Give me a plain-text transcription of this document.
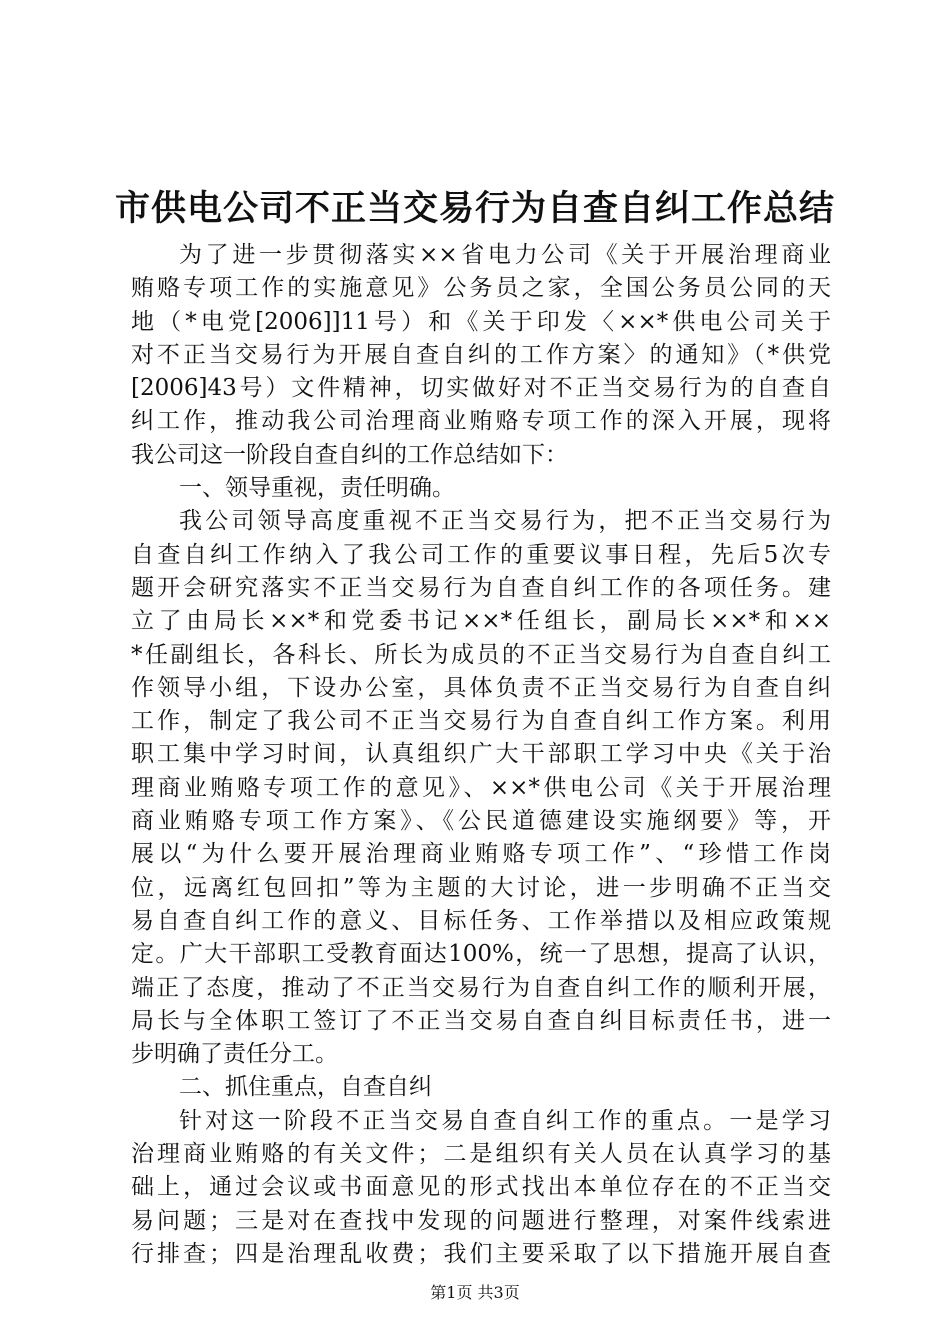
市供电公司不正当交易行为自查自纠工作总结
为了进一步贯彻落实××省电力公司《关于开展治理商业
贿赂专项工作的实施意见》公务员之家，全国公务员公同的天
地（*电党[2006]]11号）和《关于印发〈××*供电公司关于
对不正当交易行为开展自查自纠的工作方案〉的通知》（*供党
[2006]43号）文件精神，切实做好对不正当交易行为的自查自
纠工作，推动我公司治理商业贿赂专项工作的深入开展，现将
我公司这一阶段自查自纠的工作总结如下：
一、领导重视，责任明确。
我公司领导高度重视不正当交易行为，把不正当交易行为
自查自纠工作纳入了我公司工作的重要议事日程，先后5次专
题开会研究落实不正当交易行为自查自纠工作的各项任务。建
立了由局长××*和党委书记××*任组长，副局长××*和××
*任副组长，各科长、所长为成员的不正当交易行为自查自纠工
作领导小组，下设办公室，具体负责不正当交易行为自查自纠
工作，制定了我公司不正当交易行为自查自纠工作方案。利用
职工集中学习时间，认真组织广大干部职工学习中央《关于治
理商业贿赂专项工作的意见》、××*供电公司《关于开展治理
商业贿赂专项工作方案》、《公民道德建设实施纲要》等，开
展以“为什么要开展治理商业贿赂专项工作”、“珍惜工作岗
位，远离红包回扣”等为主题的大讨论，进一步明确不正当交
易自查自纠工作的意义、目标任务、工作举措以及相应政策规
定。广大干部职工受教育面达100%，统一了思想，提高了认识，
端正了态度，推动了不正当交易行为自查自纠工作的顺利开展，
局长与全体职工签订了不正当交易自查自纠目标责任书，进一
步明确了责任分工。
二、抓住重点，自查自纠
针对这一阶段不正当交易自查自纠工作的重点。一是学习
治理商业贿赂的有关文件；二是组织有关人员在认真学习的基
础上，通过会议或书面意见的形式找出本单位存在的不正当交
易问题；三是对在查找中发现的问题进行整理，对案件线索进
行排查；四是治理乱收费；我们主要采取了以下措施开展自查
第1页 共3页
